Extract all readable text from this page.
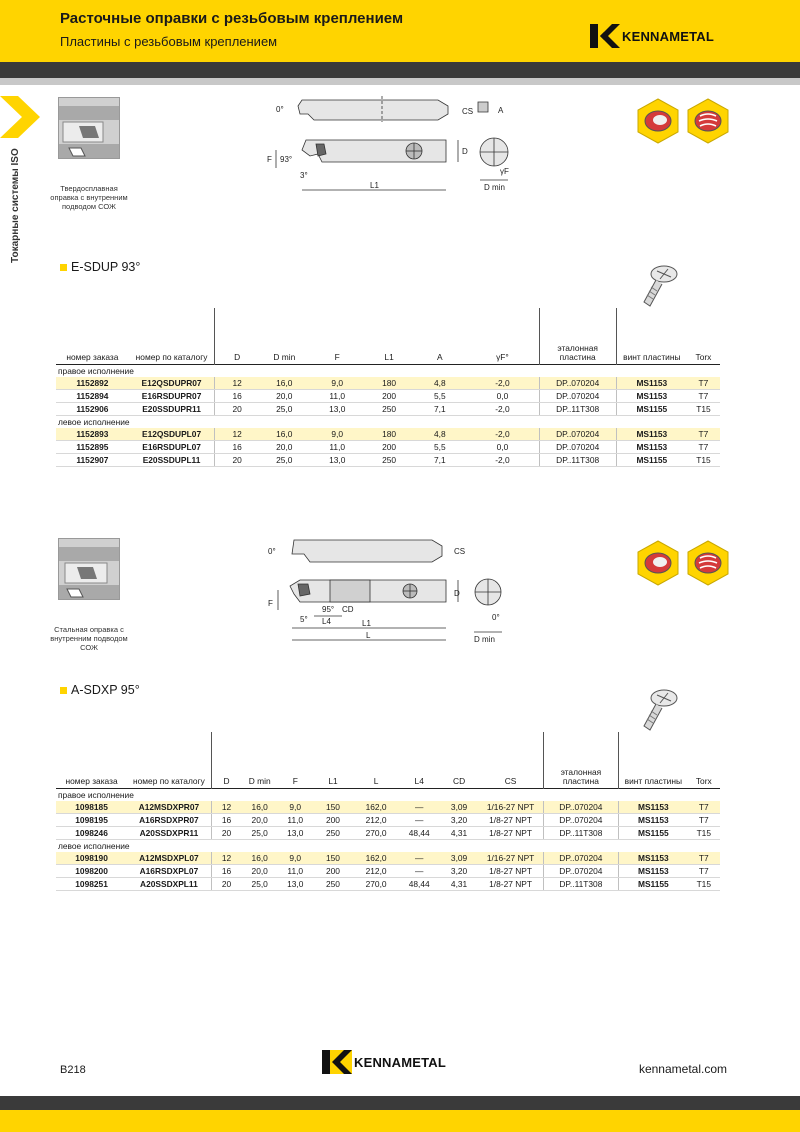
Расточные оправки с резьбовым креплением
Пластины с резьбовым креплением	KENNAMETAL
Токарные системы ISO	Твердосплавная оправка с внутренним подводом СОЖ
0°
93°
3°
F
L1
CS	A
D
γF
D min
E-SDUP 93°
номер заказа	номер по каталогу	D	D min	F	L1	A	γF°	эталонная пластина	винт пластины	Torx
правое исполнение										
1152892	E12QSDUPR07	12	16,0	9,0	180	4,8	-2,0	DP..070204	MS1153	T7
1152894	E16RSDUPR07	16	20,0	11,0	200	5,5	0,0	DP..070204	MS1153	T7
1152906	E20SSDUPR11	20	25,0	13,0	250	7,1	-2,0	DP..11T308	MS1155	T15
левое исполнение										
1152893	E12QSDUPL07	12	16,0	9,0	180	4,8	-2,0	DP..070204	MS1153	T7
1152895	E16RSDUPL07	16	20,0	11,0	200	5,5	0,0	DP..070204	MS1153	T7
1152907	E20SSDUPL11	20	25,0	13,0	250	7,1	-2,0	DP..11T308	MS1155	T15
Стальная оправка с внутренним подводом СОЖ
0°
95°
5°
CD
F
L4	L1
L
CS
D
0°
D min
A-SDXP 95°
номер заказа	номер по каталогу	D	D min	F	L1	L	L4	CD	CS	эталонная пластина	винт пластины	Torx
правое исполнение												
1098185	A12MSDXPR07	12	16,0	9,0	150	162,0	—	3,09	1/16-27 NPT	DP..070204	MS1153	T7
1098195	A16RSDXPR07	16	20,0	11,0	200	212,0	—	3,20	1/8-27 NPT	DP..070204	MS1153	T7
1098246	A20SSDXPR11	20	25,0	13,0	250	270,0	48,44	4,31	1/8-27 NPT	DP..11T308	MS1155	T15
левое исполнение												
1098190	A12MSDXPL07	12	16,0	9,0	150	162,0	—	3,09	1/16-27 NPT	DP..070204	MS1153	T7
1098200	A16RSDXPL07	16	20,0	11,0	200	212,0	—	3,20	1/8-27 NPT	DP..070204	MS1153	T7
1098251	A20SSDXPL11	20	25,0	13,0	250	270,0	48,44	4,31	1/8-27 NPT	DP..11T308	MS1155	T15
B218
KENNAMETAL	kennametal.com
